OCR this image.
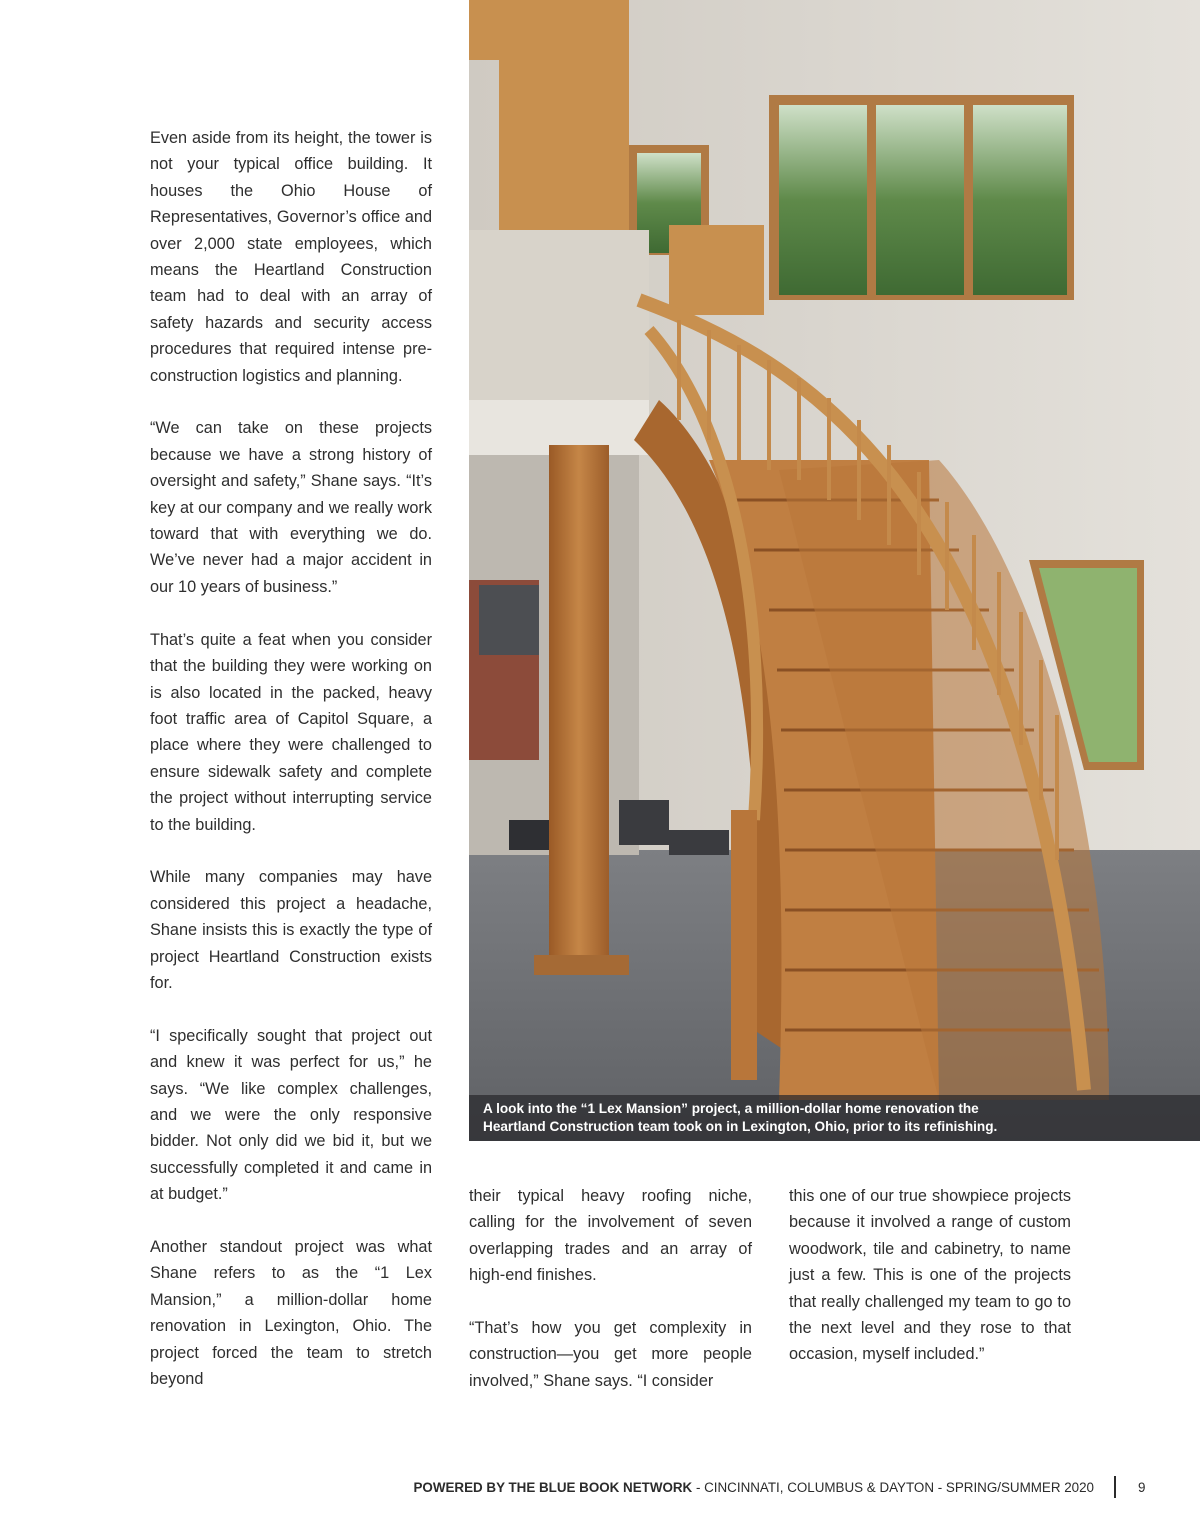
Even aside from its height, the tower is not your typical office building. It houses the Ohio House of Representatives, Governor’s office and over 2,000 state employees, which means the Heartland Construction team had to deal with an array of safety hazards and security access procedures that required intense pre-construction logistics and planning.

“We can take on these projects because we have a strong history of oversight and safety,” Shane says. “It’s key at our company and we really work toward that with everything we do. We’ve never had a major accident in our 10 years of business.”

That’s quite a feat when you consider that the building they were working on is also located in the packed, heavy foot traffic area of Capitol Square, a place where they were challenged to ensure sidewalk safety and complete the project without interrupting service to the building.

While many companies may have considered this project a headache, Shane insists this is exactly the type of project Heartland Construction exists for.

“I specifically sought that project out and knew it was perfect for us,” he says. “We like complex challenges, and we were the only responsive bidder. Not only did we bid it, but we successfully completed it and came in at budget.”

Another standout project was what Shane refers to as the “1 Lex Mansion,” a million-dollar home renovation in Lexington, Ohio. The project forced the team to stretch beyond

A look into the “1 Lex Mansion” project, a million-dollar home renovation the
Heartland Construction team took on in Lexington, Ohio, prior to its refinishing.

their typical heavy roofing niche, calling for the involvement of seven overlapping trades and an array of high-end finishes.

“That’s how you get complexity in construction—you get more people involved,” Shane says. “I consider

this one of our true showpiece projects because it involved a range of custom woodwork, tile and cabinetry, to name just a few. This is one of the projects that really challenged my team to go to the next level and they rose to that occasion, myself included.”

POWERED BY THE BLUE BOOK NETWORK - CINCINNATI, COLUMBUS & DAYTON - SPRING/SUMMER 2020	9
